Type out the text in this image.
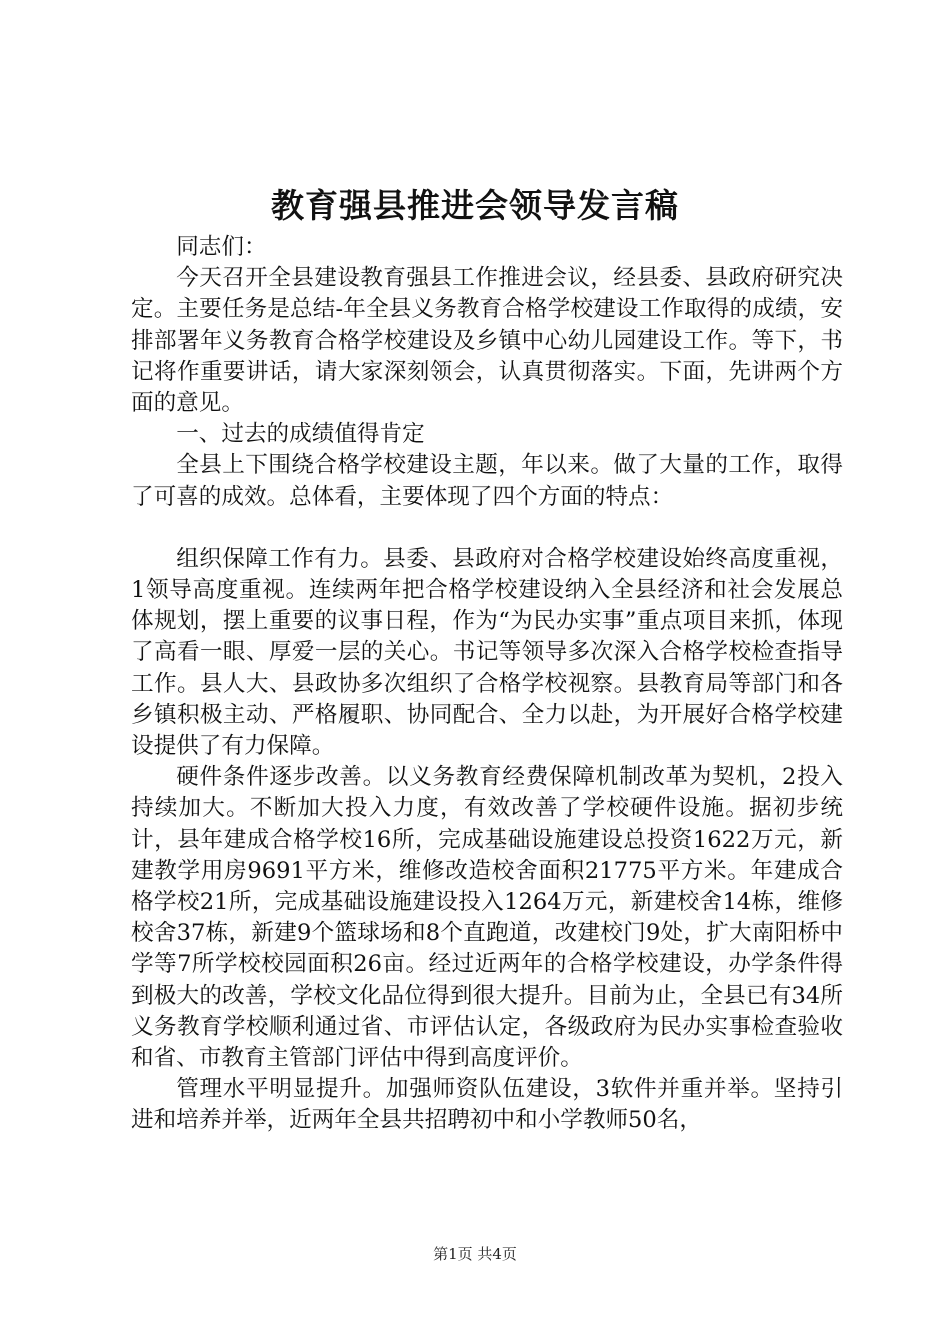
教育强县推进会领导发言稿

同志们：

今天召开全县建设教育强县工作推进会议，经县委、县政府研究决定。主要任务是总结-年全县义务教育合格学校建设工作取得的成绩，安排部署年义务教育合格学校建设及乡镇中心幼儿园建设工作。等下，书记将作重要讲话，请大家深刻领会，认真贯彻落实。下面，先讲两个方面的意见。

一、过去的成绩值得肯定

全县上下围绕合格学校建设主题，年以来。做了大量的工作，取得了可喜的成效。总体看，主要体现了四个方面的特点：

组织保障工作有力。县委、县政府对合格学校建设始终高度重视，1领导高度重视。连续两年把合格学校建设纳入全县经济和社会发展总体规划，摆上重要的议事日程，作为“为民办实事”重点项目来抓，体现了高看一眼、厚爱一层的关心。书记等领导多次深入合格学校检查指导工作。县人大、县政协多次组织了合格学校视察。县教育局等部门和各乡镇积极主动、严格履职、协同配合、全力以赴，为开展好合格学校建设提供了有力保障。

硬件条件逐步改善。以义务教育经费保障机制改革为契机，2投入持续加大。不断加大投入力度，有效改善了学校硬件设施。据初步统计，县年建成合格学校16所，完成基础设施建设总投资1622万元，新建教学用房9691平方米，维修改造校舍面积21775平方米。年建成合格学校21所，完成基础设施建设投入1264万元，新建校舍14栋，维修校舍37栋，新建9个篮球场和8个直跑道，改建校门9处，扩大南阳桥中学等7所学校校园面积26亩。经过近两年的合格学校建设，办学条件得到极大的改善，学校文化品位得到很大提升。目前为止，全县已有34所义务教育学校顺利通过省、市评估认定，各级政府为民办实事检查验收和省、市教育主管部门评估中得到高度评价。

管理水平明显提升。加强师资队伍建设，3软件并重并举。坚持引进和培养并举，近两年全县共招聘初中和小学教师50名，

第1页 共4页
